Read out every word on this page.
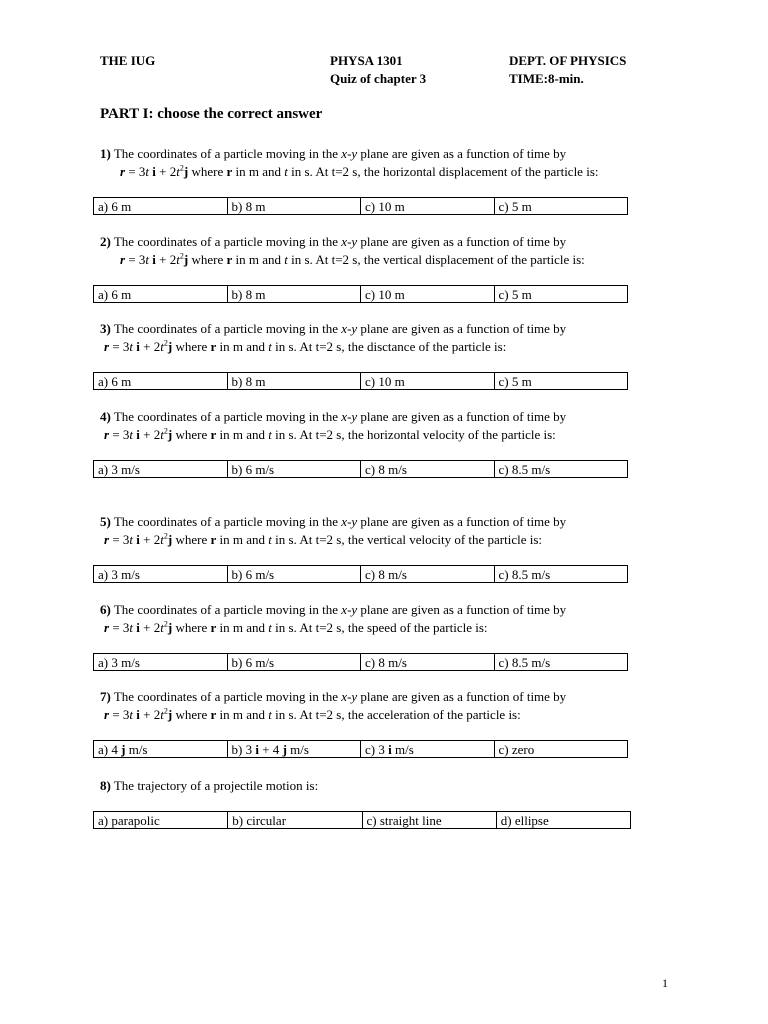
THE IUG	PHYSA 1301
Quiz of chapter 3
DEPT. OF PHYSICS
TIME:8-min.
PART I: choose the correct answer
1) The coordinates of a particle moving in the x-y plane are given as a function of time by
r = 3t $i + 2t^2j$ where r in m and t in s. At t=2 s, the horizontal displacement of the particle is:
a) 6 m	b) 8 m	c) 10 m	c) 5 m
2) The coordinates of a particle moving in the x-y plane are given as a function of time by
r = 3t $i + 2t^2j$ where r in m and t in s. At t=2 s, the vertical displacement of the particle is:
a) 6 m	b) 8 m	c) 10 m	c) 5 m
3) The coordinates of a particle moving in the x-y plane are given as a function of time by
r = 3t $i + 2t^2j$ where r in m and t in s. At t=2 s, the disctance of the particle is:
a) 6 m	b) 8 m	c) 10 m	c) 5 m
4) The coordinates of a particle moving in the x-y plane are given as a function of time by
r = 3t $i + 2t^2j$ where r in m and t in s. At t=2 s, the horizontal velocity of the particle is:
a) 3 m/s	b) 6 m/s	c) 8 m/s	c) 8.5 m/s
5) The coordinates of a particle moving in the x-y plane are given as a function of time by
r = 3t $i + 2t^2j$ where r in m and t in s. At t=2 s, the vertical velocity of the particle is:
a) 3 m/s	b) 6 m/s	c) 8 m/s	c) 8.5 m/s
6) The coordinates of a particle moving in the x-y plane are given as a function of time by
r = 3t $i + 2t^2j$ where r in m and t in s. At t=2 s, the speed of the particle is:
a) 3 m/s	b) 6 m/s	c) 8 m/s	c) 8.5 m/s
7) The coordinates of a particle moving in the x-y plane are given as a function of time by
r = 3t $i + 2t^2j$ where r in m and t in s. At t=2 s, the acceleration of the particle is:
a) 4 j m/s	b) 3 i + 4 j m/s	c) 3 i m/s	c) zero
8) The trajectory of a projectile motion is:
a) parapolic	b) circular	c) straight line	d) ellipse
1
